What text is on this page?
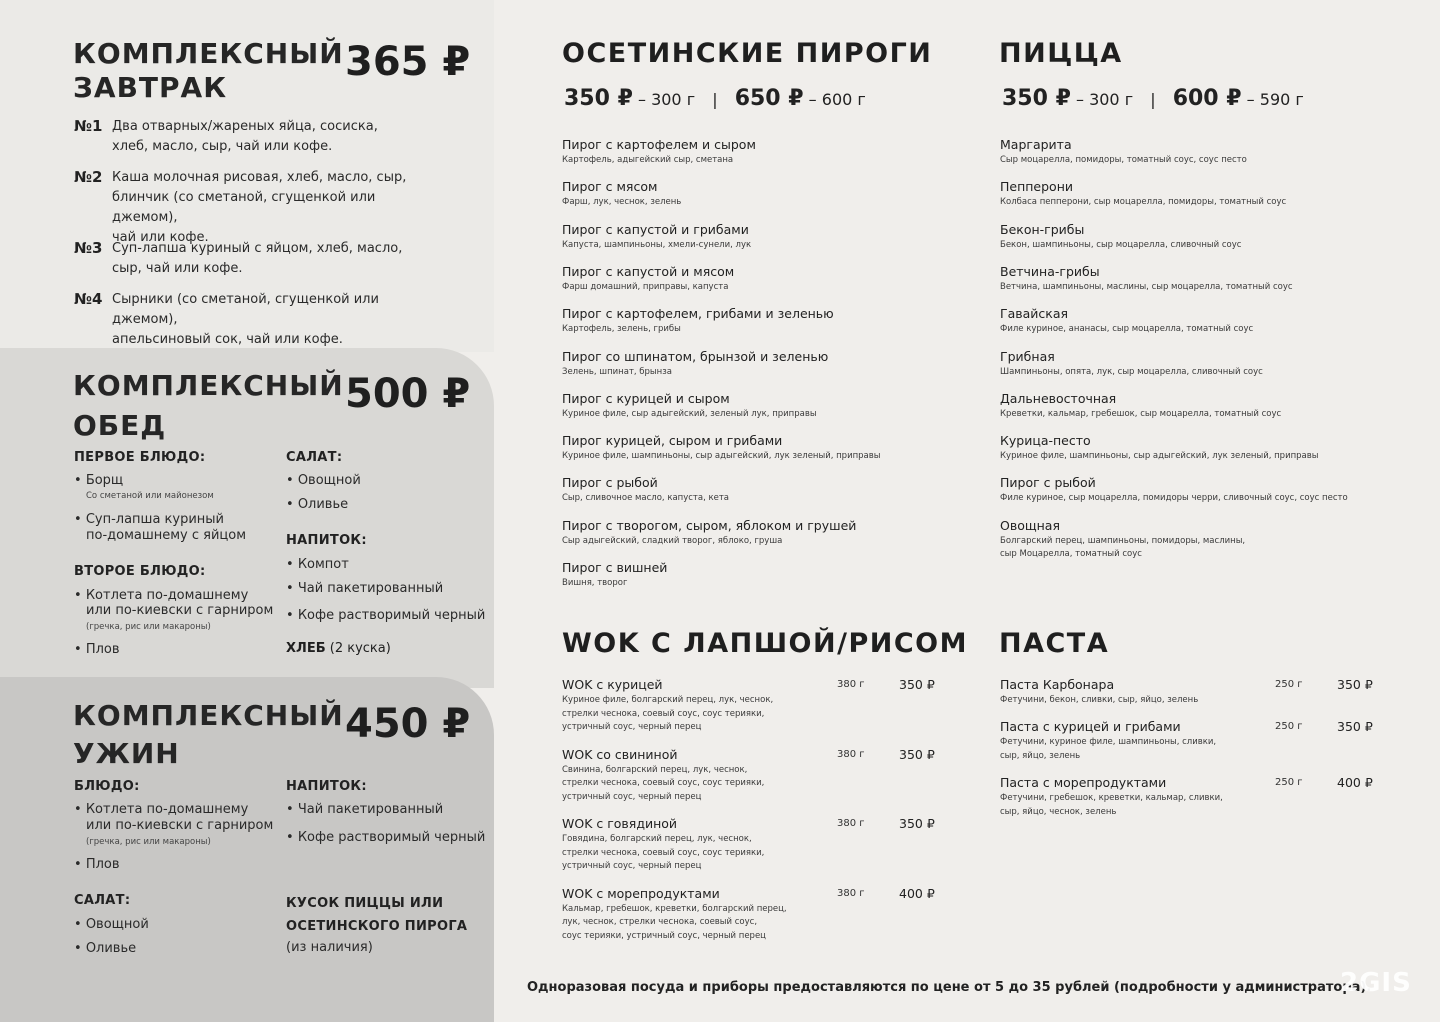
КОМПЛЕКСНЫЙ
ЗАВТРАК
365 ₽
№1 Два отварных/жареных яйца, сосиска,
хлеб, масло, сыр, чай или кофе.
№2 Каша молочная рисовая, хлеб, масло, сыр,
блинчик (со сметаной, сгущенкой или джемом),
чай или кофе.
№3 Суп-лапша куриный с яйцом, хлеб, масло,
сыр, чай или кофе.
№4 Сырники (со сметаной, сгущенкой или джемом),
апельсиновый сок, чай или кофе.
КОМПЛЕКСНЫЙ
ОБЕД
500 ₽
ПЕРВОЕ БЛЮДО:
• Борщ
Со сметаной или майонезом
• Суп-лапша куриный
по-домашнему с яйцом
ВТОРОЕ БЛЮДО:
• Котлета по-домашнему
или по-киевски с гарниром
(гречка, рис или макароны)
• Плов
САЛАТ:
• Овощной
• Оливье
НАПИТОК:
• Компот
• Чай пакетированный
• Кофе растворимый черный
ХЛЕБ (2 куска)
КОМПЛЕКСНЫЙ
УЖИН
450 ₽
БЛЮДО:
• Котлета по-домашнему
или по-киевски с гарниром
(гречка, рис или макароны)
• Плов
САЛАТ:
• Овощной
• Оливье
НАПИТОК:
• Чай пакетированный
• Кофе растворимый черный
КУСОК ПИЦЦЫ ИЛИ
ОСЕТИНСКОГО ПИРОГА
(из наличия)
ОСЕТИНСКИЕ ПИРОГИ
350 ₽ – 300 г | 650 ₽ – 600 г
Пирог с картофелем и сыром
Картофель, адыгейский сыр, сметана
Пирог с мясом
Фарш, лук, чеснок, зелень
Пирог с капустой и грибами
Капуста, шампиньоны, хмели-сунели, лук
Пирог с капустой и мясом
Фарш домашний, приправы, капуста
Пирог с картофелем, грибами и зеленью
Картофель, зелень, грибы
Пирог со шпинатом, брынзой и зеленью
Зелень, шпинат, брынза
Пирог с курицей и сыром
Куриное филе, сыр адыгейский, зеленый лук, приправы
Пирог курицей, сыром и грибами
Куриное филе, шампиньоны, сыр адыгейский, лук зеленый, приправы
Пирог с рыбой
Сыр, сливочное масло, капуста, кета
Пирог с творогом, сыром, яблоком и грушей
Сыр адыгейский, сладкий творог, яблоко, груша
Пирог с вишней
Вишня, творог
ПИЦЦА
350 ₽ – 300 г | 600 ₽ – 590 г
Маргарита
Сыр моцарелла, помидоры, томатный соус, соус песто
Пепперони
Колбаса пепперони, сыр моцарелла, помидоры, томатный соус
Бекон-грибы
Бекон, шампиньоны, сыр моцарелла, сливочный соус
Ветчина-грибы
Ветчина, шампиньоны, маслины, сыр моцарелла, томатный соус
Гавайская
Филе куриное, ананасы, сыр моцарелла, томатный соус
Грибная
Шампиньоны, опята, лук, сыр моцарелла, сливочный соус
Дальневосточная
Креветки, кальмар, гребешок, сыр моцарелла, томатный соус
Курица-песто
Куриное филе, шампиньоны, сыр адыгейский, лук зеленый, приправы
Пирог с рыбой
Филе куриное, сыр моцарелла, помидоры черри, сливочный соус, соус песто
Овощная
Болгарский перец, шампиньоны, помидоры, маслины,
сыр Моцарелла, томатный соус
WOK С ЛАПШОЙ/РИСОМ
WOK с курицей	380 г	350 ₽
Куриное филе, болгарский перец, лук, чеснок,
стрелки чеснока, соевый соус, соус терияки,
устричный соус, черный перец
WOK со свининой	380 г	350 ₽
Свинина, болгарский перец, лук, чеснок,
стрелки чеснока, соевый соус, соус терияки,
устричный соус, черный перец
WOK с говядиной	380 г	350 ₽
Говядина, болгарский перец, лук, чеснок,
стрелки чеснока, соевый соус, соус терияки,
устричный соус, черный перец
WOK с морепродуктами	380 г	400 ₽
Кальмар, гребешок, креветки, болгарский перец,
лук, чеснок, стрелки чеснока, соевый соус,
соус терияки, устричный соус, черный перец
ПАСТА
Паста Карбонара	250 г	350 ₽
Фетучини, бекон, сливки, сыр, яйцо, зелень
Паста с курицей и грибами	250 г	350 ₽
Фетучини, куриное филе, шампиньоны, сливки,
сыр, яйцо, зелень
Паста с морепродуктами	250 г	400 ₽
Фетучини, гребешок, креветки, кальмар, сливки,
сыр, яйцо, чеснок, зелень
Одноразовая посуда и приборы предоставляются по цене от 5 до 35 рублей (подробности у администратора).
2GIS
